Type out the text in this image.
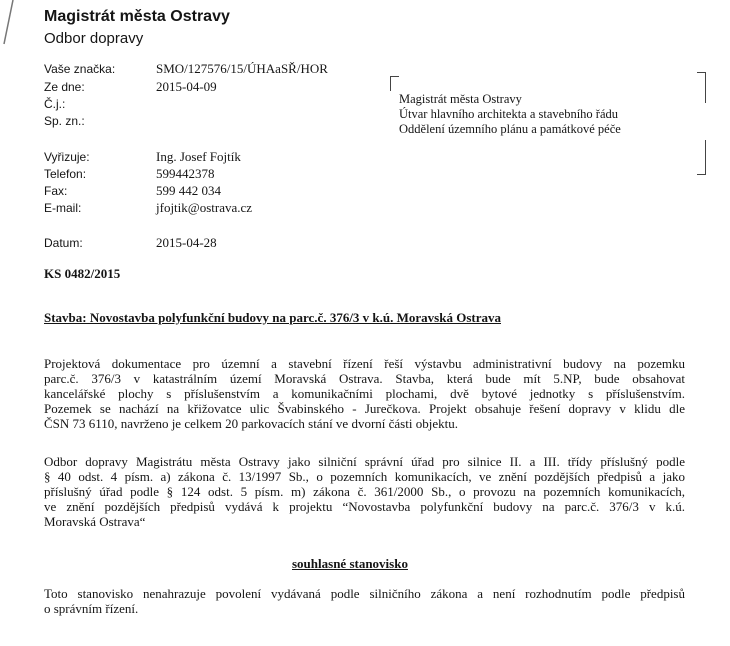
Magistrát města Ostravy
Odbor dopravy
Vaše značka:	SMO/127576/15/ÚHAaSŘ/HOR
Ze dne:	2015-04-09
Č.j.:
Sp. zn.:
Vyřizuje:	Ing. Josef Fojtík
Telefon:	599442378
Fax:	599 442 034
E-mail:	jfojtik@ostrava.cz
Datum:	2015-04-28
Magistrát města Ostravy
Útvar hlavního architekta a stavebního řádu
Oddělení územního plánu a památkové péče
KS 0482/2015
Stavba: Novostavba polyfunkční budovy na parc.č. 376/3 v k.ú. Moravská Ostrava
Projektová dokumentace pro územní a stavební řízení řeší výstavbu administrativní budovy na pozemku
parc.č. 376/3 v katastrálním území Moravská Ostrava. Stavba, která bude mít 5.NP, bude obsahovat
kancelářské plochy s příslušenstvím a komunikačními plochami, dvě bytové jednotky s příslušenstvím.
Pozemek se nachází na křižovatce ulic Švabinského - Jurečkova. Projekt obsahuje řešení dopravy v klidu dle
ČSN 73 6110, navrženo je celkem 20 parkovacích stání ve dvorní části objektu.
Odbor dopravy Magistrátu města Ostravy jako silniční správní úřad pro silnice II. a III. třídy příslušný podle
§ 40 odst. 4 písm. a) zákona č. 13/1997 Sb., o pozemních komunikacích, ve znění pozdějších předpisů a jako
příslušný úřad podle § 124 odst. 5 písm. m) zákona č. 361/2000 Sb., o provozu na pozemních komunikacích,
ve znění pozdějších předpisů vydává k projektu “Novostavba polyfunkční budovy na parc.č. 376/3 v k.ú.
Moravská Ostrava“
souhlasné stanovisko
Toto stanovisko nenahrazuje povolení vydávaná podle silničního zákona a není rozhodnutím podle předpisů
o správním řízení.
